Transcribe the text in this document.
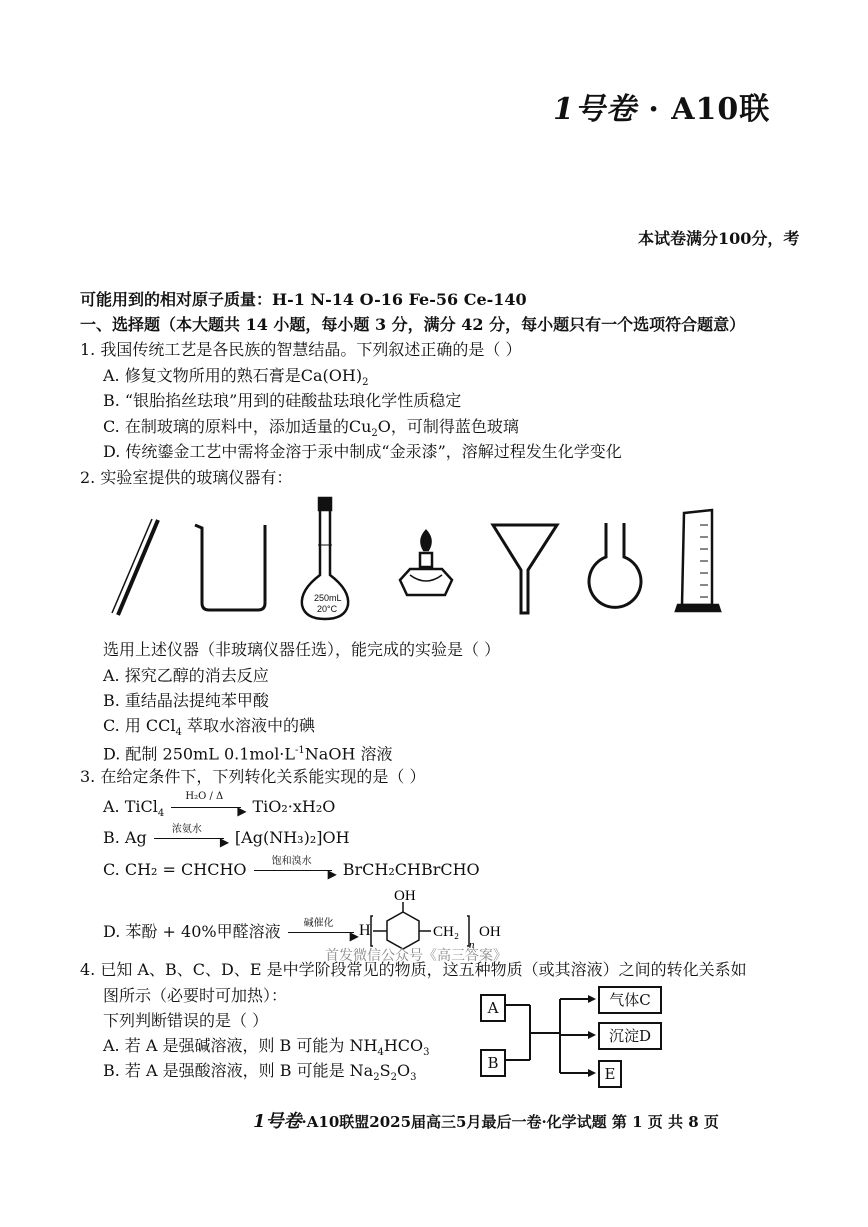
1号卷 · A10联
本试卷满分100分，考
可能用到的相对原子质量：H-1 N-14 O-16 Fe-56 Ce-140
一、选择题（本大题共 14 小题，每小题 3 分，满分 42 分，每小题只有一个选项符合题意）
1. 我国传统工艺是各民族的智慧结晶。下列叙述正确的是（ ）
A. 修复文物所用的熟石膏是$Ca(OH)_2$
B. “银胎掐丝珐琅”用到的硅酸盐珐琅化学性质稳定
C. 在制玻璃的原料中，添加适量的$Cu_2O$，可制得蓝色玻璃
D. 传统鎏金工艺中需将金溶于汞中制成“金汞漆”，溶解过程发生化学变化
2. 实验室提供的玻璃仪器有：
250mL
20°C
选用上述仪器（非玻璃仪器任选），能完成的实验是（ ）
A. 探究乙醇的消去反应
B. 重结晶法提纯苯甲酸
C. 用 CCl$_4$ 萃取水溶液中的碘
D. 配制 250mL $0.1mol\cdot L^{-1}NaOH$ 溶液
3. 在给定条件下，下列转化关系能实现的是（ ）
A. TiCl$_4$
H₂O / Δ
▶ TiO₂·xH₂O
B. Ag	浓氨水
▶ [Ag(NH₃)₂]OH
C. CH₂ = CHCHO	饱和溴水
▶ BrCH₂CHBrCHO
D. 苯酚 + 40%甲醛溶液 碱催化
▶ H
OH
CH₂
n
OH
首发微信公众号《高三答案》
4. 已知 A、B、C、D、E 是中学阶段常见的物质，这五种物质（或其溶液）之间的转化关系如
图所示（必要时可加热）：
下列判断错误的是（ ）
A. 若 A 是强碱溶液，则 B 可能为 $NH_4HCO_3$
B. 若 A 是强酸溶液，则 B 可能是 $Na_2S_2O_3$
A
B
气体C
沉淀D
E
1号卷·A10联盟2025届高三5月最后一卷·化学试题 第 1 页 共 8 页
